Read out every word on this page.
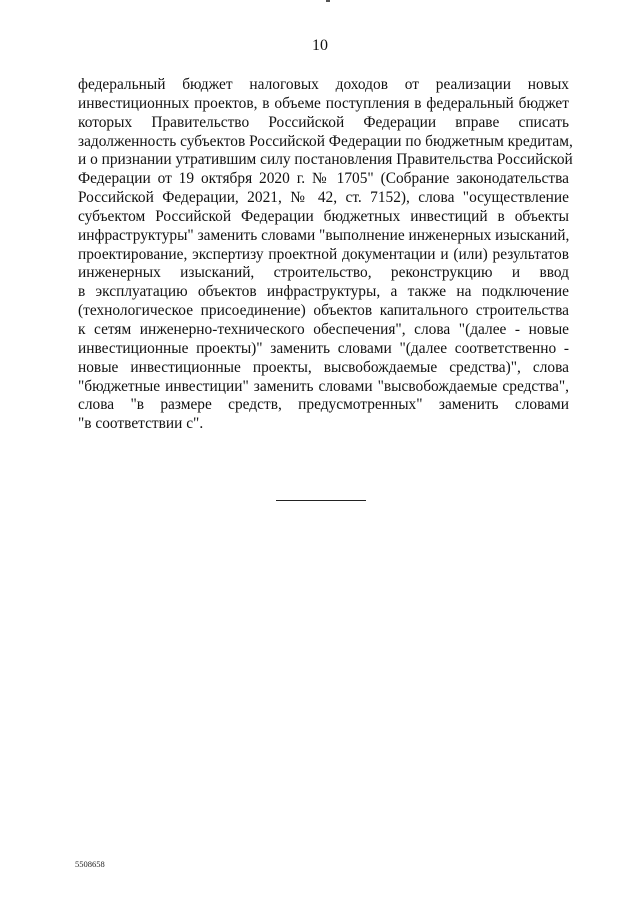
10
федеральный бюджет налоговых доходов от реализации новых
инвестиционных проектов, в объеме поступления в федеральный бюджет
которых Правительство Российской Федерации вправе списать
задолженность субъектов Российской Федерации по бюджетным кредитам,
и о признании утратившим силу постановления Правительства Российской
Федерации от 19 октября 2020 г. № 1705" (Собрание законодательства
Российской Федерации, 2021, № 42, ст. 7152), слова "осуществление
субъектом Российской Федерации бюджетных инвестиций в объекты
инфраструктуры" заменить словами "выполнение инженерных изысканий,
проектирование, экспертизу проектной документации и (или) результатов
инженерных изысканий, строительство, реконструкцию и ввод
в эксплуатацию объектов инфраструктуры, а также на подключение
(технологическое присоединение) объектов капитального строительства
к сетям инженерно-технического обеспечения", слова "(далее - новые
инвестиционные проекты)" заменить словами "(далее соответственно -
новые инвестиционные проекты, высвобождаемые средства)", слова
"бюджетные инвестиции" заменить словами "высвобождаемые средства",
слова "в размере средств, предусмотренных" заменить словами
"в соответствии с".
5508658
